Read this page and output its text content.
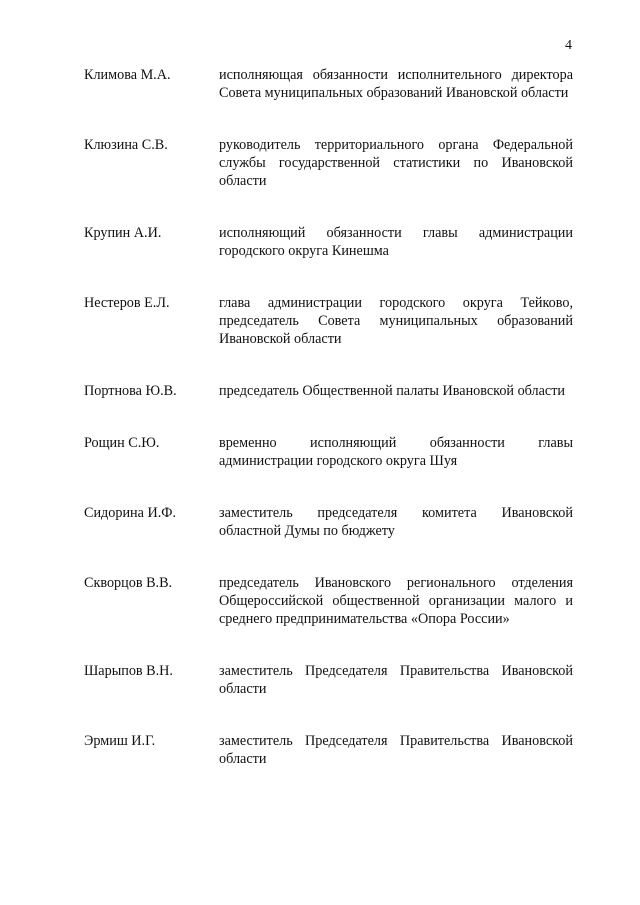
4
Климова М.А.	исполняющая обязанности исполнительного директора Совета муниципальных образований Ивановской области
Клюзина С.В.	руководитель территориального органа Федеральной службы государственной статистики по Ивановской области
Крупин А.И.	исполняющий обязанности главы администрации городского округа Кинешма
Нестеров Е.Л.	глава администрации городского округа Тейково, председатель Совета муниципальных образований Ивановской области
Портнова Ю.В.	председатель Общественной палаты Ивановской области
Рощин С.Ю.	временно исполняющий обязанности главы администрации городского округа Шуя
Сидорина И.Ф.	заместитель председателя комитета Ивановской областной Думы по бюджету
Скворцов В.В.	председатель Ивановского регионального отделения Общероссийской общественной организации малого и среднего предпринимательства «Опора России»
Шарыпов В.Н.	заместитель Председателя Правительства Ивановской области
Эрмиш И.Г.	заместитель Председателя Правительства Ивановской области
